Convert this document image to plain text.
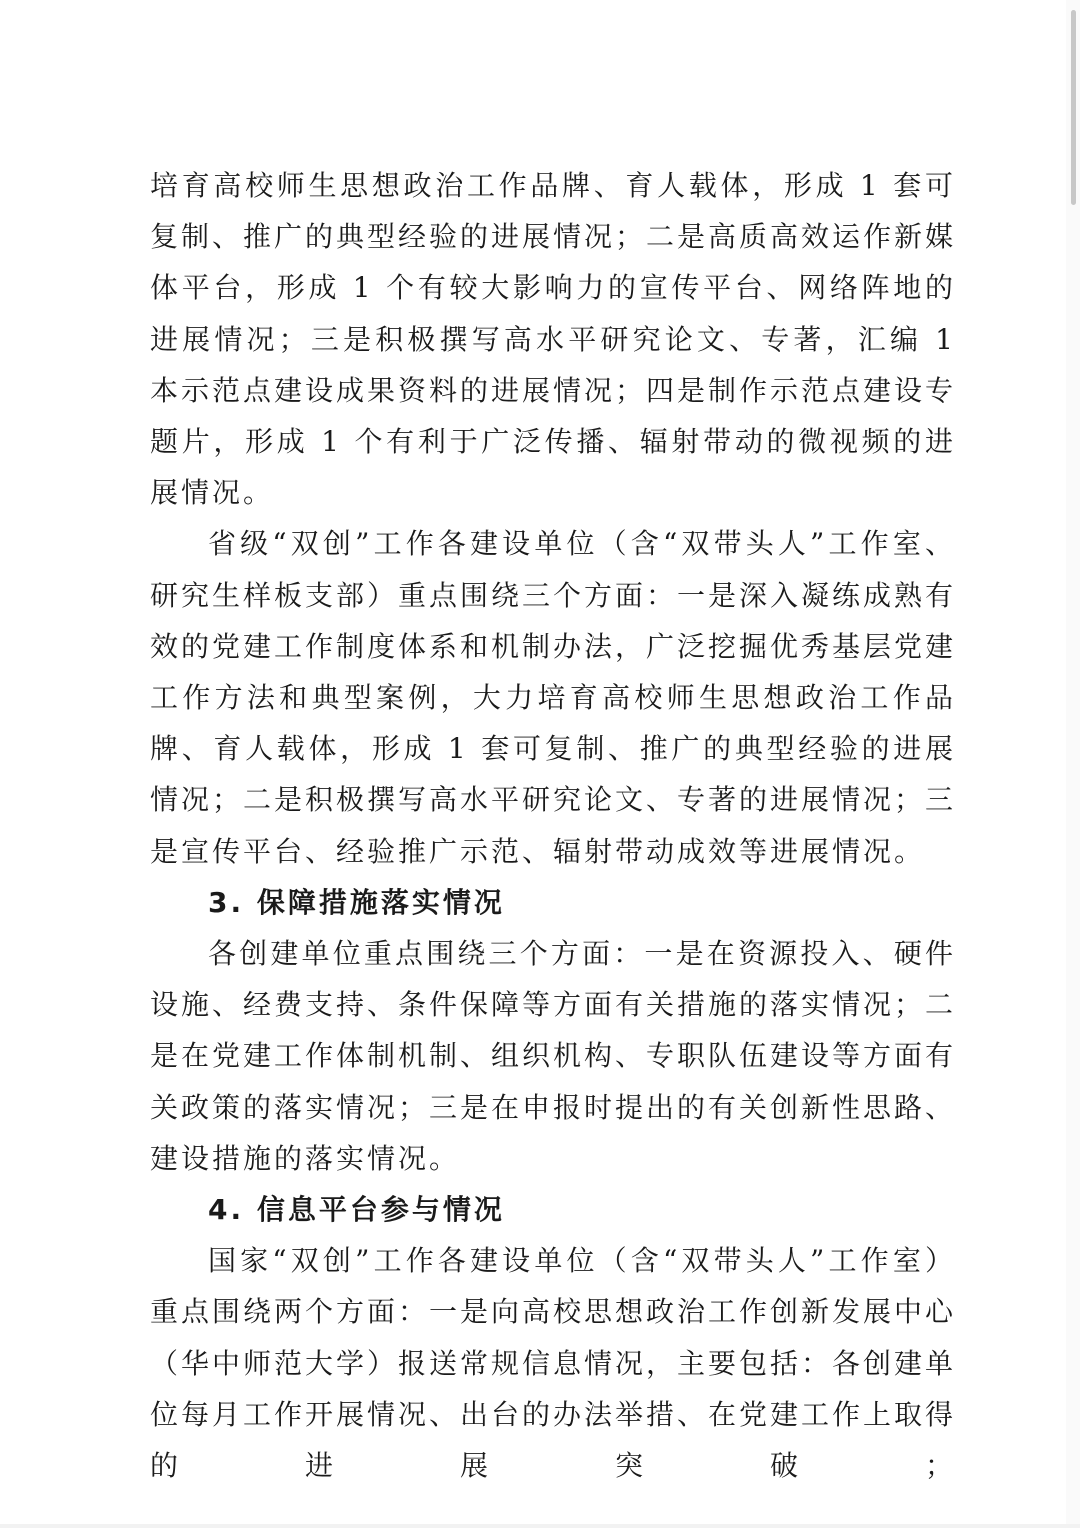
培育高校师生思想政治工作品牌、育人载体，形成 1 套可复制、推广的典型经验的进展情况；二是高质高效运作新媒体平台，形成 1 个有较大影响力的宣传平台、网络阵地的进展情况；三是积极撰写高水平研究论文、专著，汇编 1 本示范点建设成果资料的进展情况；四是制作示范点建设专题片，形成 1 个有利于广泛传播、辐射带动的微视频的进展情况。

省级“双创”工作各建设单位（含“双带头人”工作室、研究生样板支部）重点围绕三个方面：一是深入凝练成熟有效的党建工作制度体系和机制办法，广泛挖掘优秀基层党建工作方法和典型案例，大力培育高校师生思想政治工作品牌、育人载体，形成 1 套可复制、推广的典型经验的进展情况；二是积极撰写高水平研究论文、专著的进展情况；三是宣传平台、经验推广示范、辐射带动成效等进展情况。

3. 保障措施落实情况

各创建单位重点围绕三个方面：一是在资源投入、硬件设施、经费支持、条件保障等方面有关措施的落实情况；二是在党建工作体制机制、组织机构、专职队伍建设等方面有关政策的落实情况；三是在申报时提出的有关创新性思路、建设措施的落实情况。

4. 信息平台参与情况

国家“双创”工作各建设单位（含“双带头人”工作室）重点围绕两个方面：一是向高校思想政治工作创新发展中心（华中师范大学）报送常规信息情况，主要包括：各创建单位每月工作开展情况、出台的办法举措、在党建工作上取得的进展突破；
